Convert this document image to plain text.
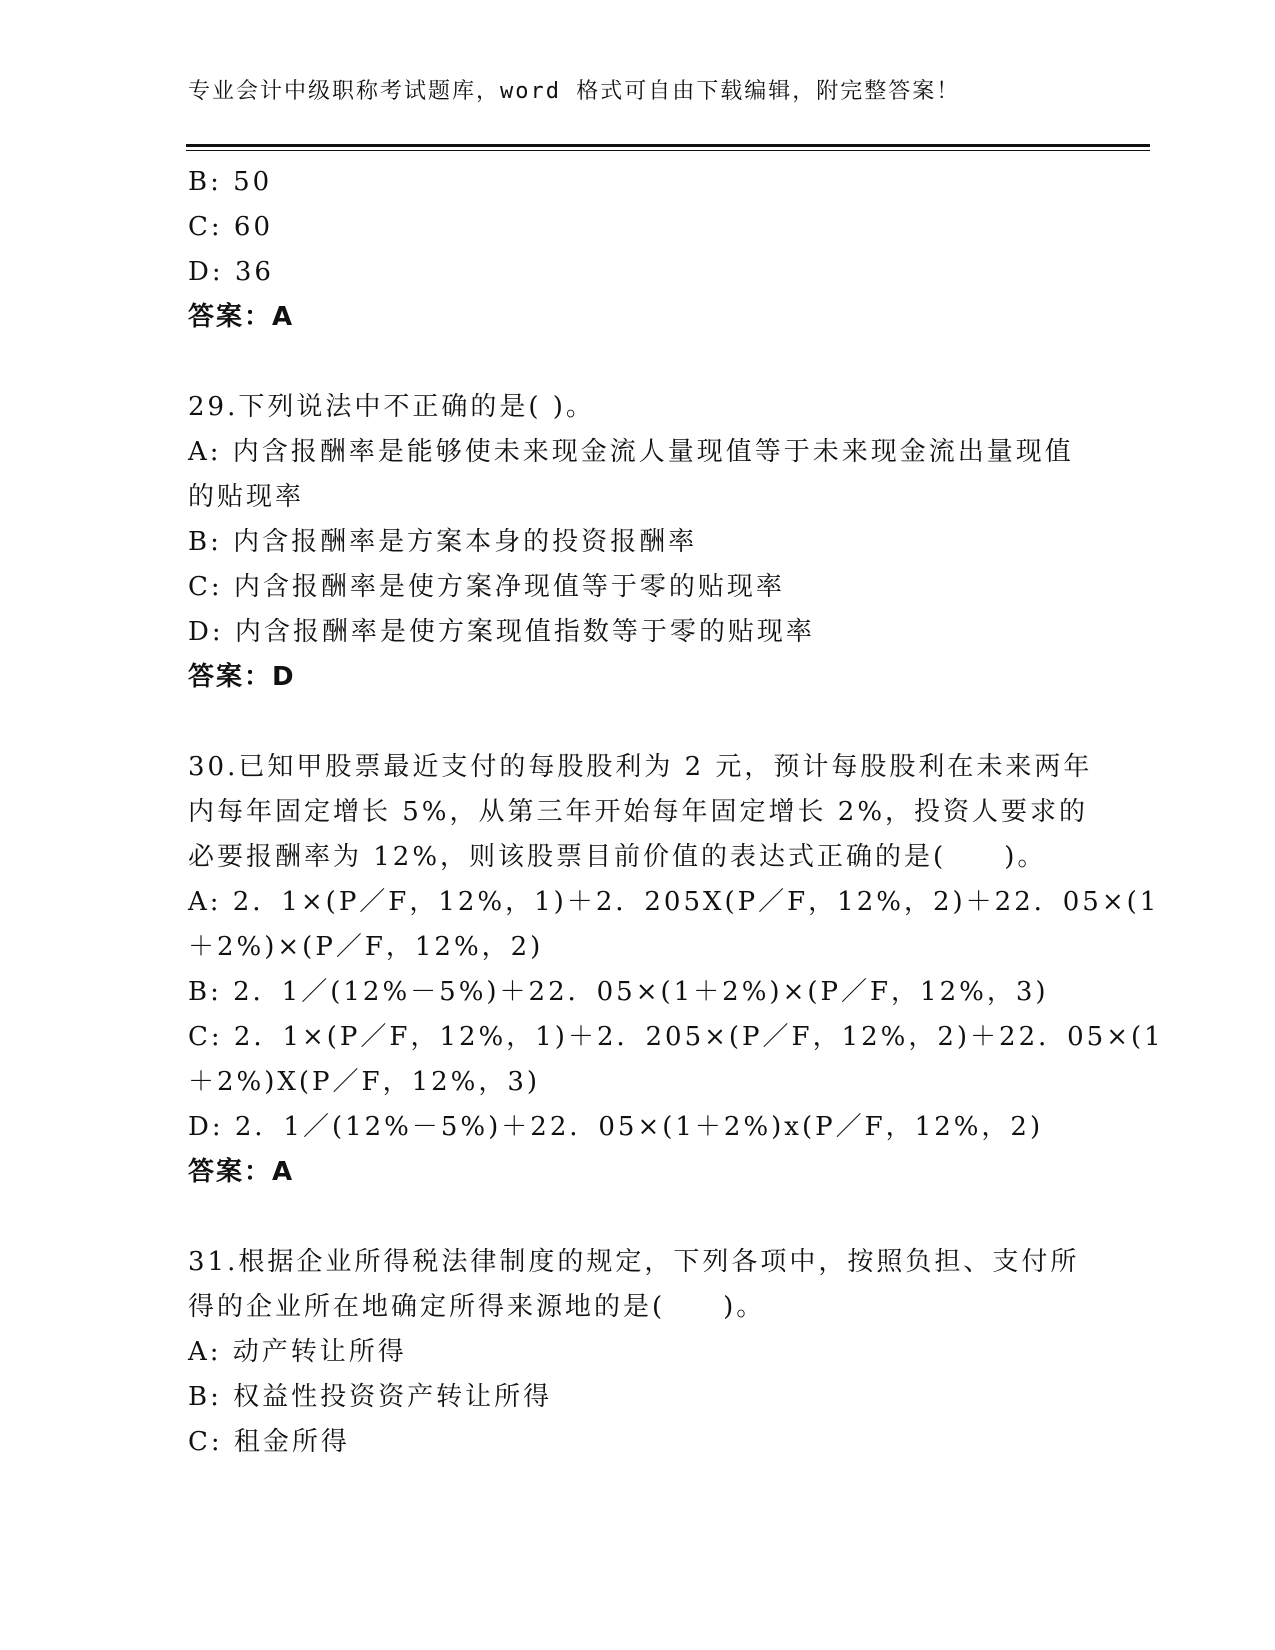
专业会计中级职称考试题库，word 格式可自由下载编辑，附完整答案！
B: 50
C: 60
D: 36
答案：A
29.下列说法中不正确的是( )。
A: 内含报酬率是能够使未来现金流人量现值等于未来现金流出量现值
的贴现率
B: 内含报酬率是方案本身的投资报酬率
C: 内含报酬率是使方案净现值等于零的贴现率
D: 内含报酬率是使方案现值指数等于零的贴现率
答案：D
30.已知甲股票最近支付的每股股利为 2 元，预计每股股利在未来两年
内每年固定增长 5%，从第三年开始每年固定增长 2%，投资人要求的
必要报酬率为 12%，则该股票目前价值的表达式正确的是(　　)。
A: 2．1×(P／F，12%，1)＋2．205X(P／F，12%，2)＋22．05×(1
＋2%)×(P／F，12%，2)
B: 2．1／(12%－5%)＋22．05×(1＋2%)×(P／F，12%，3)
C: 2．1×(P／F，12%，1)＋2．205×(P／F，12%，2)＋22．05×(1
＋2%)X(P／F，12%，3)
D: 2．1／(12%－5%)＋22．05×(1＋2%)x(P／F，12%，2)
答案：A
31.根据企业所得税法律制度的规定，下列各项中，按照负担、支付所
得的企业所在地确定所得来源地的是(　　)。
A: 动产转让所得
B: 权益性投资资产转让所得
C: 租金所得
